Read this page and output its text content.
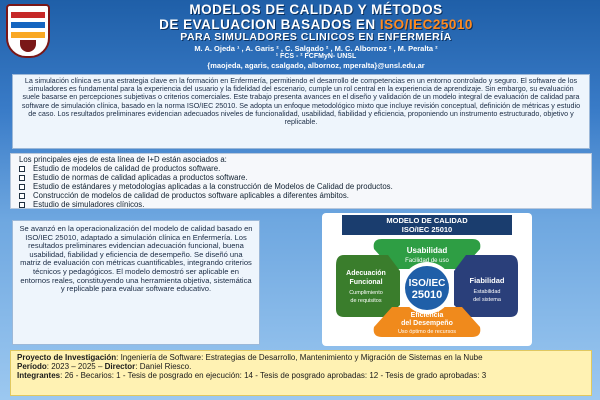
MODELOS DE CALIDAD Y MÉTODOS
DE EVALUACION BASADOS EN ISO/IEC25010
PARA SIMULADORES CLINICOS EN ENFERMERÍA
M. A. Ojeda ¹ , A. Garis ² , C. Salgado ² , M. C. Albornoz ² , M. Peralta ²
¹ FCS - ² FCFMyN- UNSL
{maojeda, agaris, csalgado, albornoz, mperalta}@unsl.edu.ar
La simulación clínica es una estrategia clave en la formación en Enfermería, permitiendo el desarrollo de competencias en un entorno controlado y seguro. El software de los simuladores es fundamental para la experiencia del usuario y la fidelidad del escenario, cumple un rol central en la experiencia de aprendizaje. Sin embargo, su evaluación suele basarse en percepciones subjetivas o criterios comerciales. Este trabajo presenta avances en el diseño y validación de un modelo integral de evaluación de calidad para software de simulación clínica, basado en la norma ISO/IEC 25010. Se adopta un enfoque metodológico mixto que incluye revisión conceptual, definición de métricas y estudio de caso. Los resultados preliminares evidencian adecuados niveles de funcionalidad, usabilidad, fiabilidad y eficiencia, proponiendo un instrumento estructurado, objetivo y replicable.
Los principales ejes de esta línea de I+D están asociados a:
Estudio de modelos de calidad de productos software.
Estudio de normas de calidad aplicadas a productos software.
Estudio de estándares y metodologías aplicadas a la construcción de Modelos de Calidad de productos.
Construcción de modelos de calidad de productos software aplicables a diferentes ámbitos.
Estudio de simuladores clínicos.
Se avanzó en la operacionalización del modelo de calidad basado en ISO/IEC 25010, adaptado a simulación clínica en Enfermería. Los resultados preliminares evidencian adecuación funcional, buena usabilidad, fiabilidad y eficiencia de desempeño. Se diseñó una matriz de evaluación con métricas cuantificables, integrando criterios técnicos y pedagógicos. El modelo demostró ser aplicable en entornos reales, constituyendo una herramienta objetiva, sistemática y replicable para evaluar software educativo.
MODELO DE CALIDAD
ISO/IEC 25010
ISO/IEC
25010
Usabilidad
Facilidad de uso
Adecuación
Funcional
Cumplimiento
de requisitos
Fiabilidad
Estabilidad
del sistema
Eficiencia
del Desempeño
Uso óptimo de recursos
Proyecto de Investigación: Ingeniería de Software: Estrategias de Desarrollo, Mantenimiento y Migración de Sistemas en la Nube
Período: 2023 – 2025 – Director: Daniel Riesco.
Integrantes: 26 - Becarios: 1 - Tesis de posgrado en ejecución: 14 - Tesis de posgrado aprobadas: 12 - Tesis de grado aprobadas: 3
